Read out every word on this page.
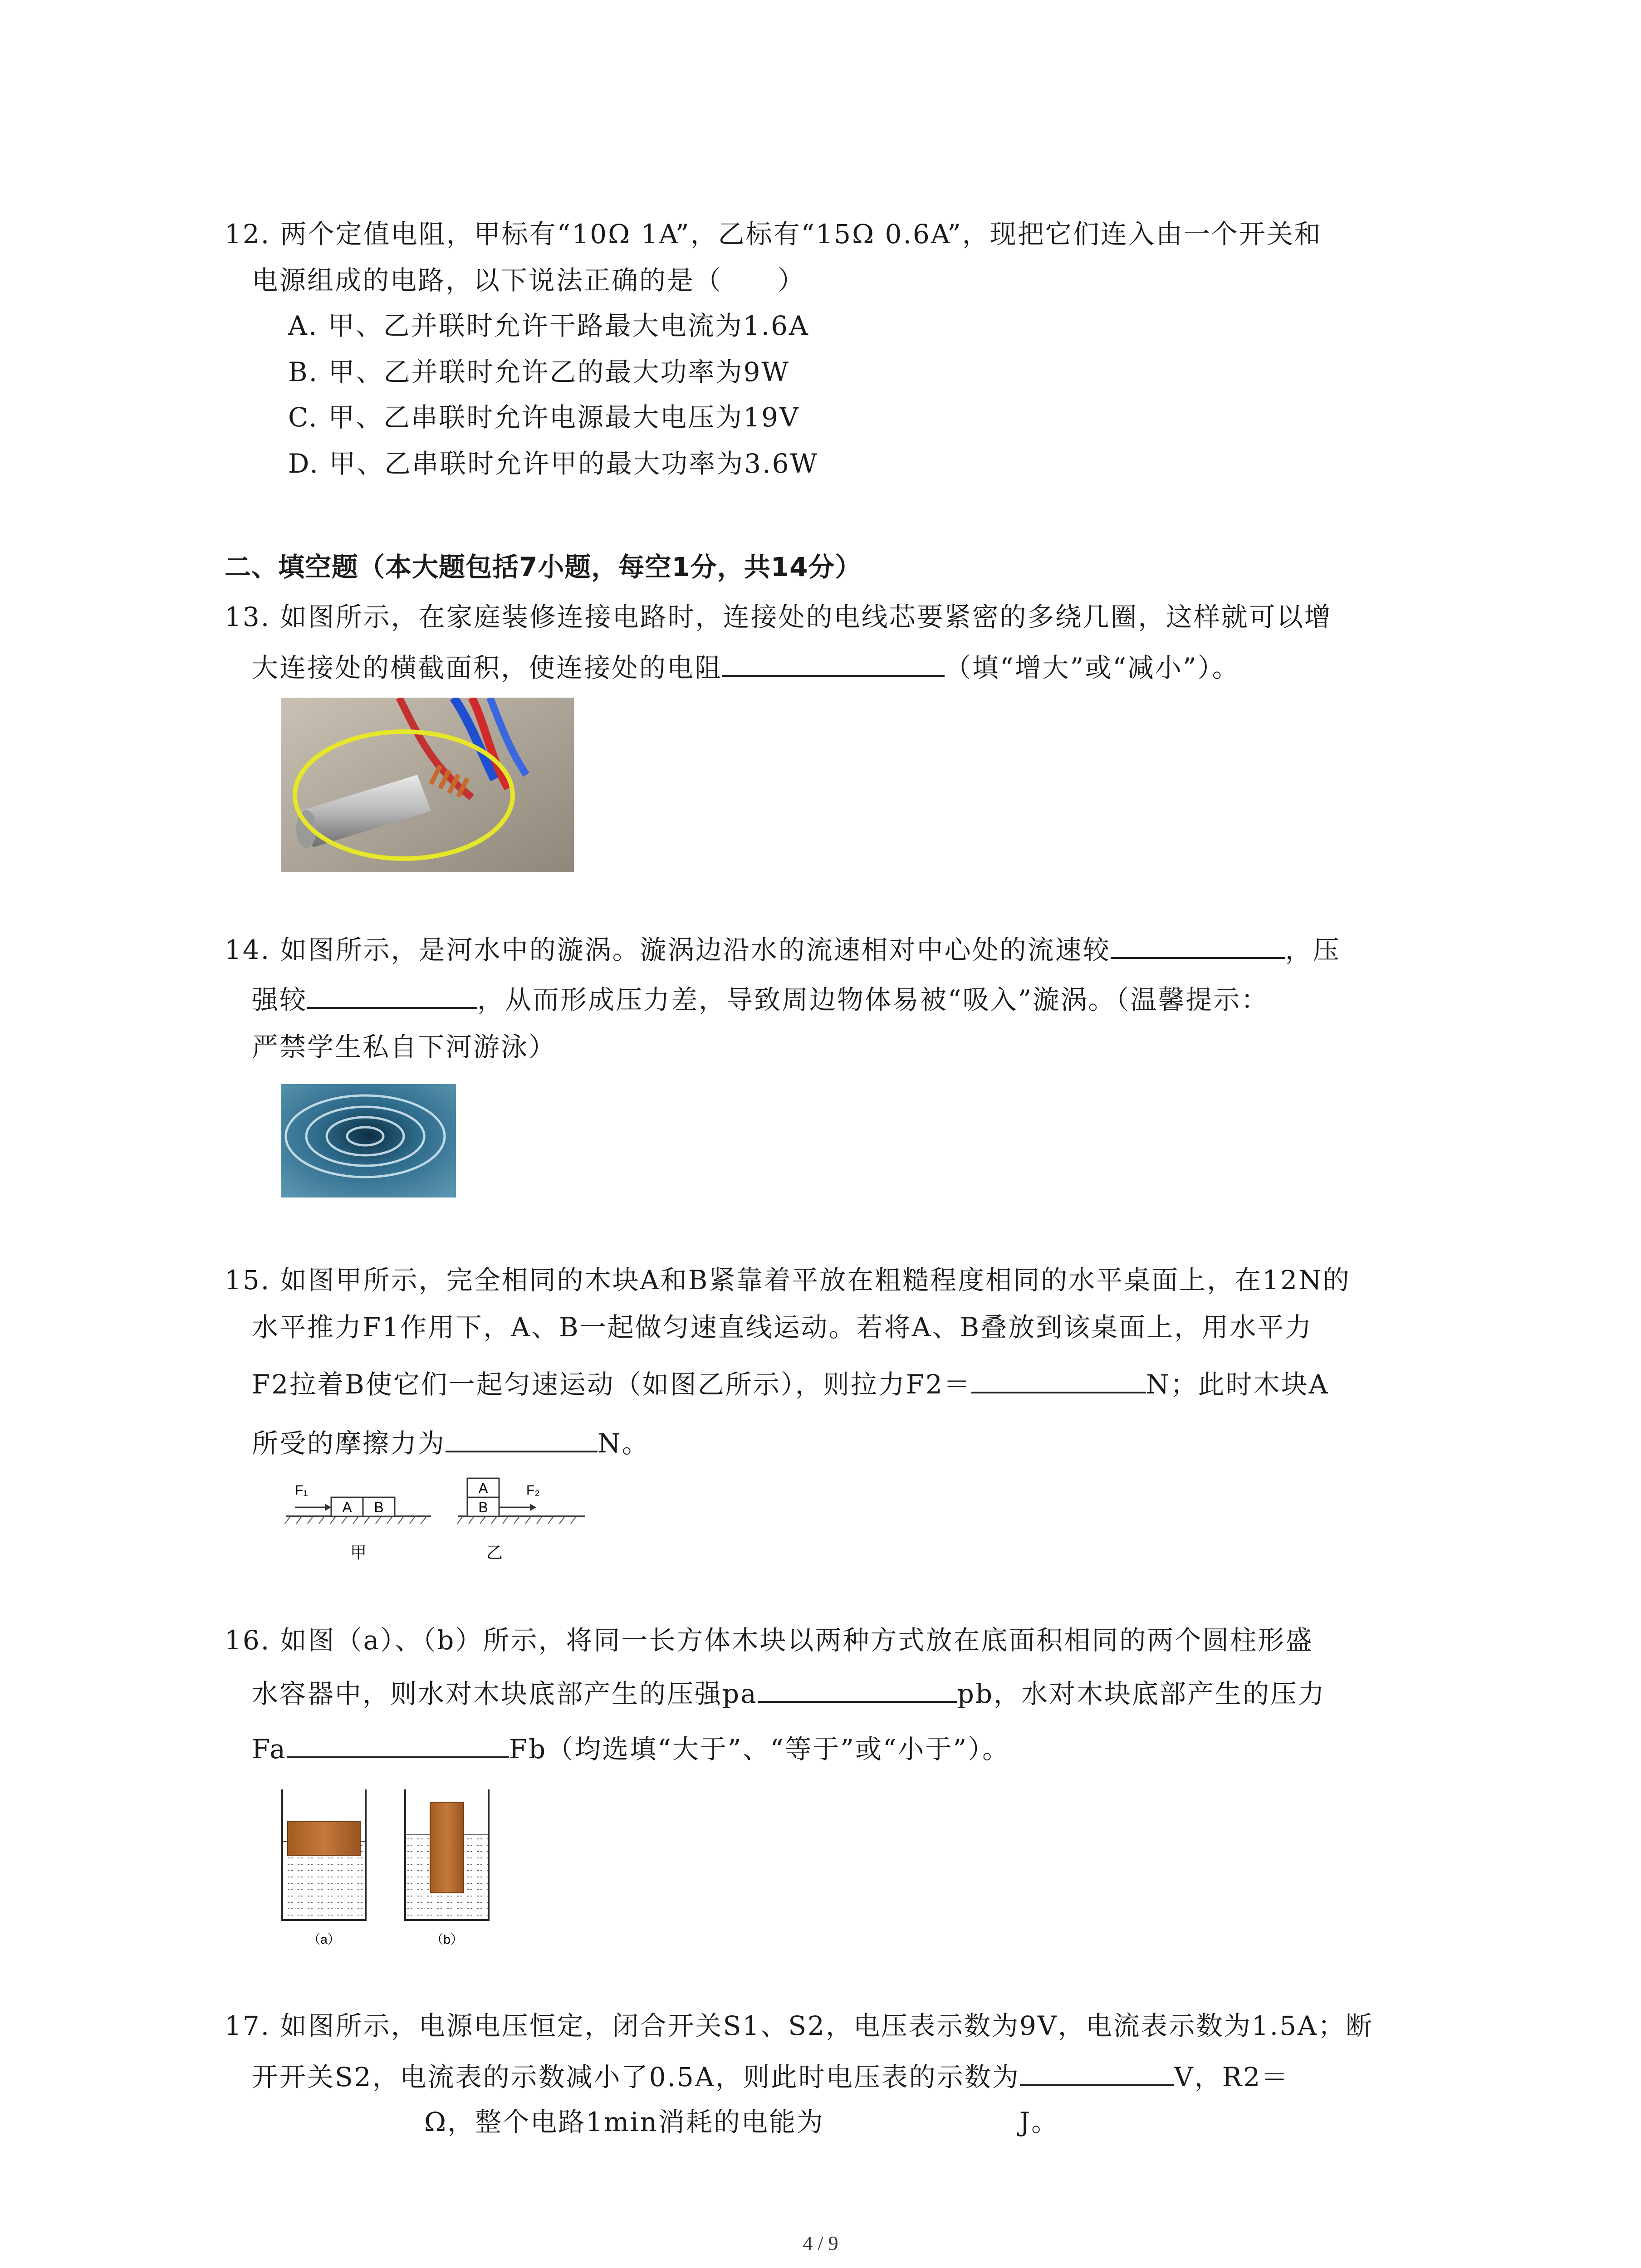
12. 两个定值电阻，甲标有“10Ω 1A”，乙标有“15Ω 0.6A”，现把它们连入由一个开关和
电源组成的电路，以下说法正确的是（　　）
A. 甲、乙并联时允许干路最大电流为1.6A
B. 甲、乙并联时允许乙的最大功率为9W
C. 甲、乙串联时允许电源最大电压为19V
D. 甲、乙串联时允许甲的最大功率为3.6W
二、填空题（本大题包括7小题，每空1分，共14分）
13. 如图所示，在家庭装修连接电路时，连接处的电线芯要紧密的多绕几圈，这样就可以增
大连接处的横截面积，使连接处的电阻	（填“增大”或“减小”）。
14. 如图所示，是河水中的漩涡。漩涡边沿水的流速相对中心处的流速较	，压
强较	，从而形成压力差，导致周边物体易被“吸入”漩涡。（温馨提示：
严禁学生私自下河游泳）
15. 如图甲所示，完全相同的木块A和B紧靠着平放在粗糙程度相同的水平桌面上，在12N的
水平推力F1作用下，A、B一起做匀速直线运动。若将A、B叠放到该桌面上，用水平力
F2拉着B使它们一起匀速运动（如图乙所示），则拉力F2＝	N；此时木块A
所受的摩擦力为	N。
A B
F₁
甲
A
B
F₂
乙
16. 如图（a）、（b）所示，将同一长方体木块以两种方式放在底面积相同的两个圆柱形盛
水容器中，则水对木块底部产生的压强pa	pb，水对木块底部产生的压力
Fa	Fb（均选填“大于”、“等于”或“小于”）。
（a）	（b）
17. 如图所示，电源电压恒定，闭合开关S1、S2，电压表示数为9V，电流表示数为1.5A；断
开开关S2，电流表的示数减小了0.5A，则此时电压表的示数为	V，R2＝
Ω，整个电路1min消耗的电能为	J。
4 / 9
